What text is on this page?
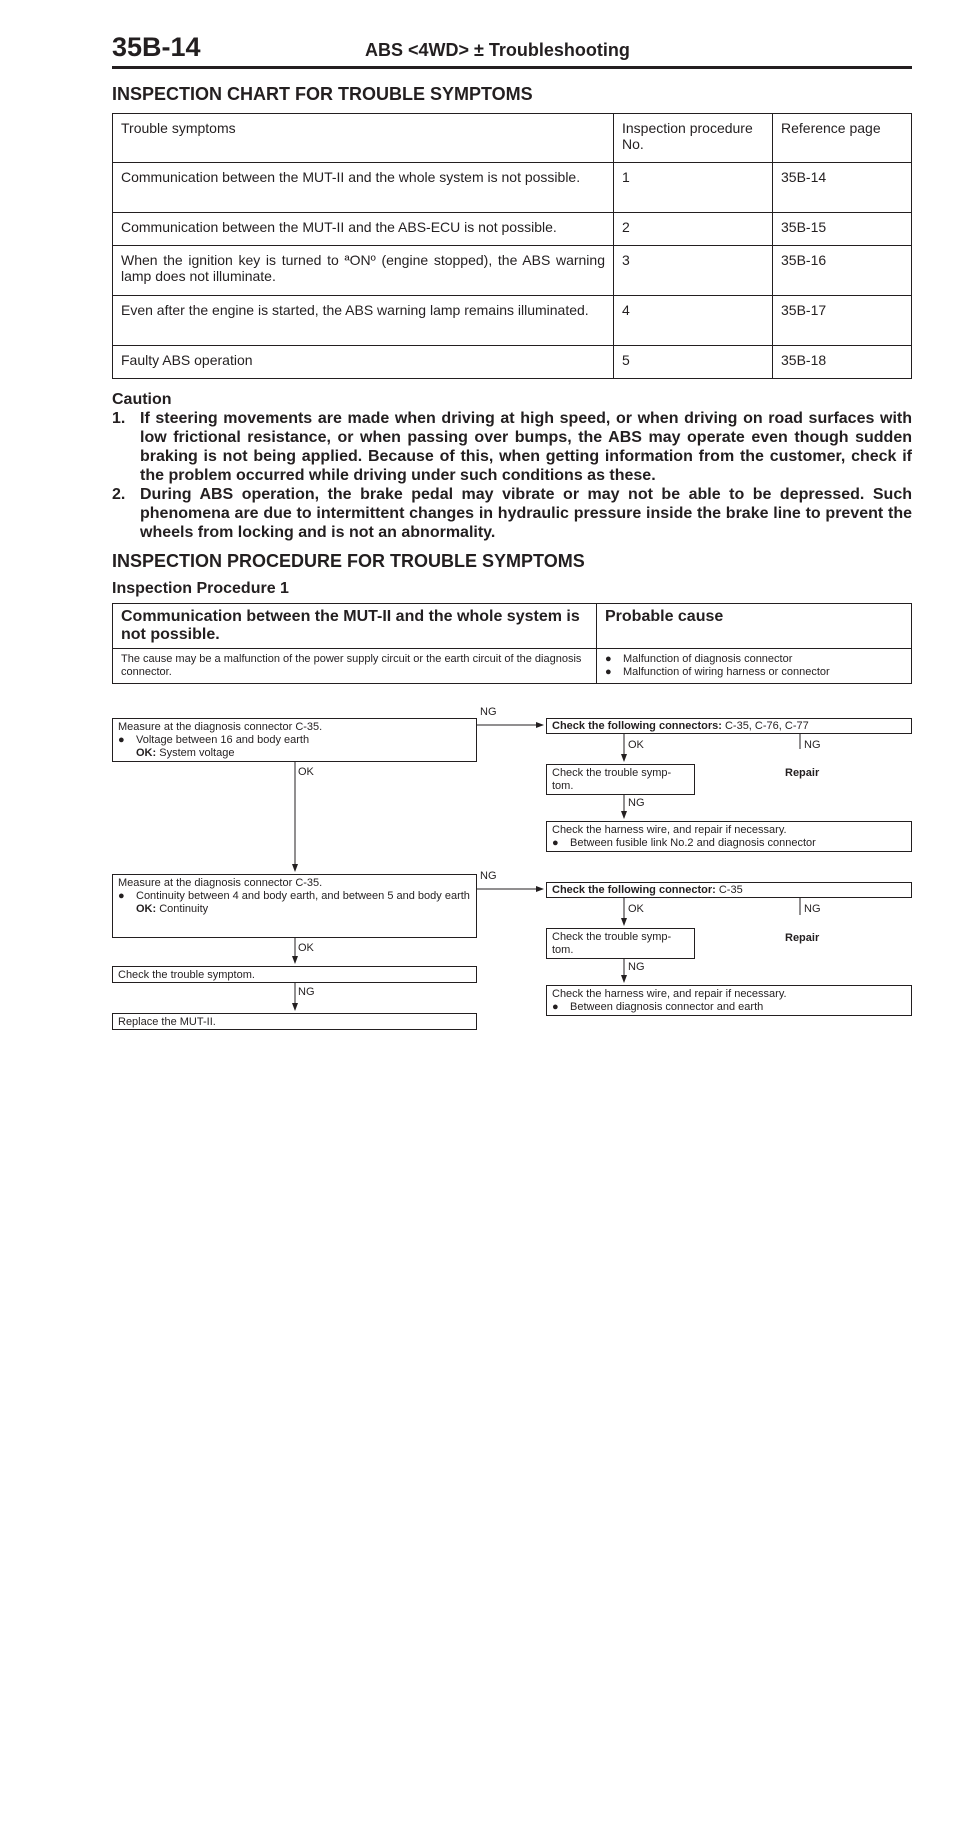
35B-14	ABS <4WD> ± Troubleshooting
INSPECTION CHART FOR TROUBLE SYMPTOMS
Trouble symptoms	Inspection procedure No.	Reference page
Communication between the MUT-II and the whole system is not possible.	1	35B-14
Communication between the MUT-II and the ABS-ECU is not possible.	2	35B-15
When the ignition key is turned to ªONº (engine stopped), the ABS warning lamp does not illuminate.	3	35B-16
Even after the engine is started, the ABS warning lamp remains illuminated.	4	35B-17
Faulty ABS operation	5	35B-18
Caution
1. If steering movements are made when driving at high speed, or when driving on road surfaces with low frictional resistance, or when passing over bumps, the ABS may operate even though sudden braking is not being applied. Because of this, when getting information from the customer, check if the problem occurred while driving under such conditions as these.
2. During ABS operation, the brake pedal may vibrate or may not be able to be depressed. Such phenomena are due to intermittent changes in hydraulic pressure inside the brake line to prevent the wheels from locking and is not an abnormality.
INSPECTION PROCEDURE FOR TROUBLE SYMPTOMS
Inspection Procedure 1
Communication between the MUT-II and the whole system is not possible.	Probable cause
The cause may be a malfunction of the power supply circuit or the earth circuit of the diagnosis connector.	● Malfunction of diagnosis connector
● Malfunction of wiring harness or connector
Measure at the diagnosis connector C-35.
●	Voltage between 16 and body earth
OK: System voltage
NG
OK
Check the following connectors: C-35, C-76, C-77
OK	NG
Check the trouble symp-tom.
Repair
NG
Check the harness wire, and repair if necessary.
●	Between fusible link No.2 and diagnosis connector
Measure at the diagnosis connector C-35.
●	Continuity between 4 and body earth, and between 5 and body earth
OK: Continuity
NG
OK
Check the following connector: C-35
OK	NG
Check the trouble symp-tom.
Repair
NG
Check the harness wire, and repair if necessary.
●	Between diagnosis connector and earth
Check the trouble symptom.
NG
Replace the MUT-II.
